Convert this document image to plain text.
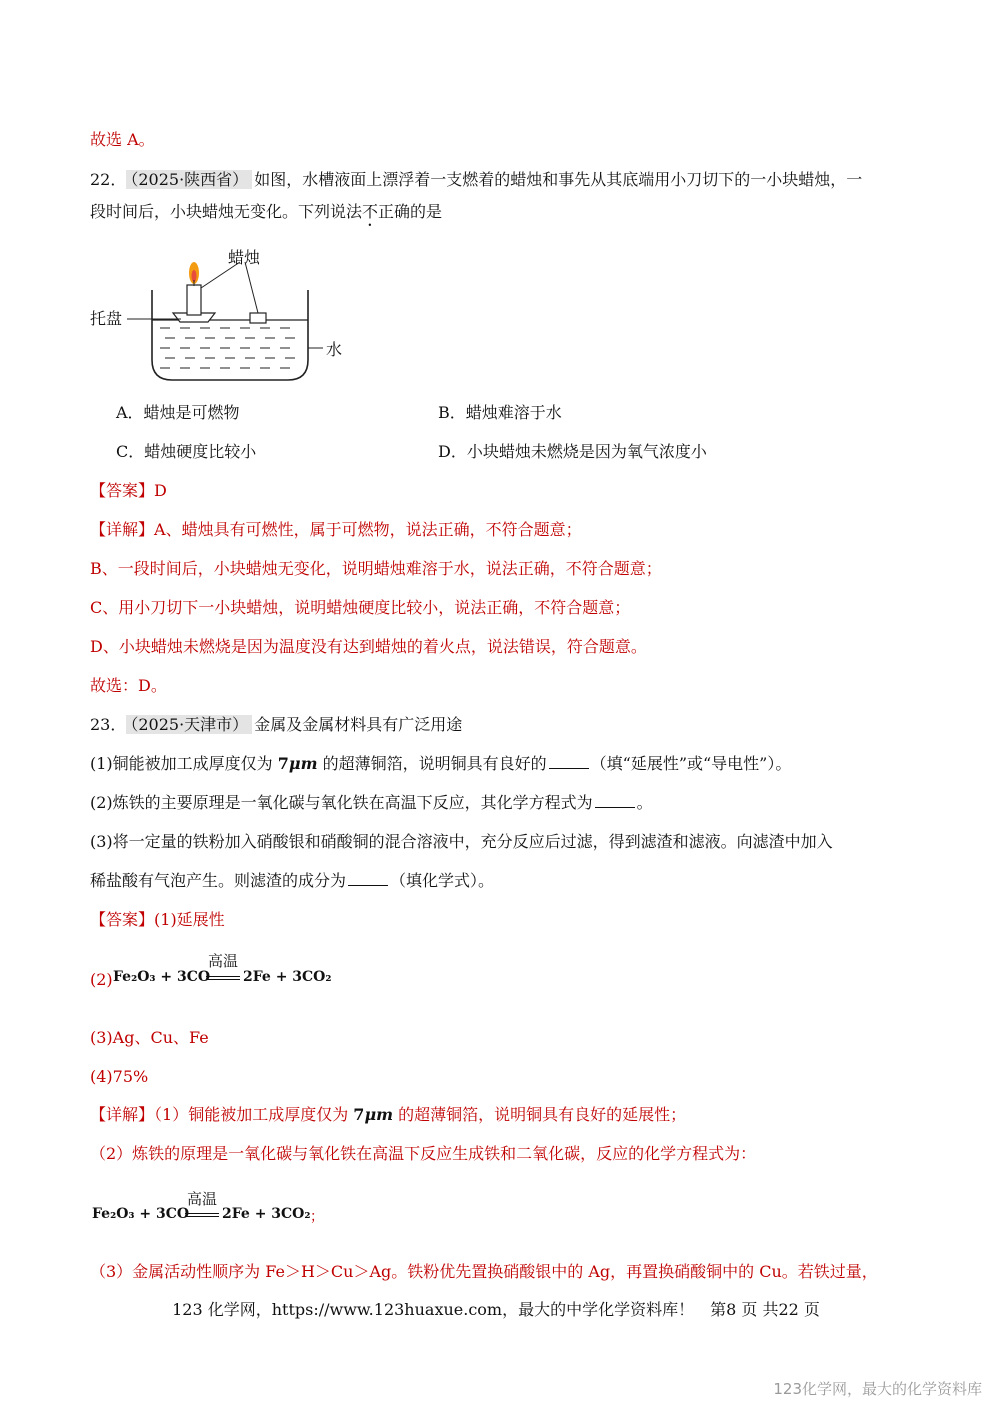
故选 A。
22． （2025·陕西省） 如图，水槽液面上漂浮着一支燃着的蜡烛和事先从其底端用小刀切下的一小块蜡烛，一
段时间后，小块蜡烛无变化。下列说法不正确的是
蜡烛
托盘
水
A．蜡烛是可燃物	B．蜡烛难溶于水
C．蜡烛硬度比较小	D．小块蜡烛未燃烧是因为氧气浓度小
【答案】D
【详解】A、蜡烛具有可燃性，属于可燃物，说法正确，不符合题意；
B、一段时间后，小块蜡烛无变化，说明蜡烛难溶于水，说法正确，不符合题意；
C、用小刀切下一小块蜡烛，说明蜡烛硬度比较小，说法正确，不符合题意；
D、小块蜡烛未燃烧是因为温度没有达到蜡烛的着火点，说法错误，符合题意。
故选：D。
23． （2025·天津市） 金属及金属材料具有广泛用途
(1)铜能被加工成厚度仅为 7μm 的超薄铜箔，说明铜具有良好的	（填“延展性”或“导电性”）。
(2)炼铁的主要原理是一氧化碳与氧化铁在高温下反应，其化学方程式为	。
(3)将一定量的铁粉加入硝酸银和硝酸铜的混合溶液中，充分反应后过滤，得到滤渣和滤液。向滤渣中加入
稀盐酸有气泡产生。则滤渣的成分为	（填化学式）。
【答案】(1)延展性
(2)
高温
Fe₂O₃ + 3CO 2Fe + 3CO₂
(3)Ag、Cu、Fe
(4)75%
【详解】（1）铜能被加工成厚度仅为 7μm 的超薄铜箔，说明铜具有良好的延展性；
（2）炼铁的原理是一氧化碳与氧化铁在高温下反应生成铁和二氧化碳，反应的化学方程式为：
高温
Fe₂O₃ + 3CO 2Fe + 3CO₂ ；
（3）金属活动性顺序为 Fe＞H＞Cu＞Ag。铁粉优先置换硝酸银中的 Ag，再置换硝酸铜中的 Cu。若铁过量，
123 化学网，https://www.123huaxue.com，最大的中学化学资料库！　第8 页 共22 页
123化学网，最大的化学资料库
